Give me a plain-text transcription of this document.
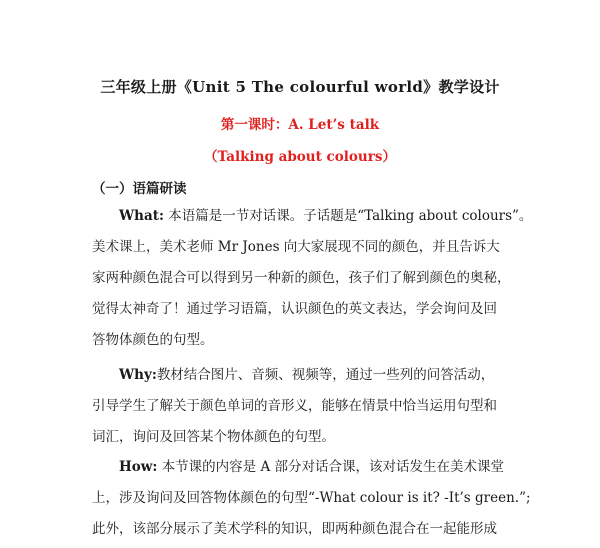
三年级上册《Unit 5 The colourful world》教学设计
第一课时：A. Let’s talk
（Talking about colours）
（一）语篇研读

What: 本语篇是一节对话课。子话题是“Talking about colours”。
美术课上，美术老师 Mr Jones 向大家展现不同的颜色，并且告诉大
家两种颜色混合可以得到另一种新的颜色，孩子们了解到颜色的奥秘，
觉得太神奇了！通过学习语篇，认识颜色的英文表达，学会询问及回
答物体颜色的句型。

Why:教材结合图片、音频、视频等，通过一些列的问答活动，
引导学生了解关于颜色单词的音形义，能够在情景中恰当运用句型和
词汇，询问及回答某个物体颜色的句型。

How: 本节课的内容是 A 部分对话合课，该对话发生在美术课堂
上，涉及询问及回答物体颜色的句型“-What colour is it? -It’s green.”;
此外，该部分展示了美术学科的知识，即两种颜色混合在一起能形成
